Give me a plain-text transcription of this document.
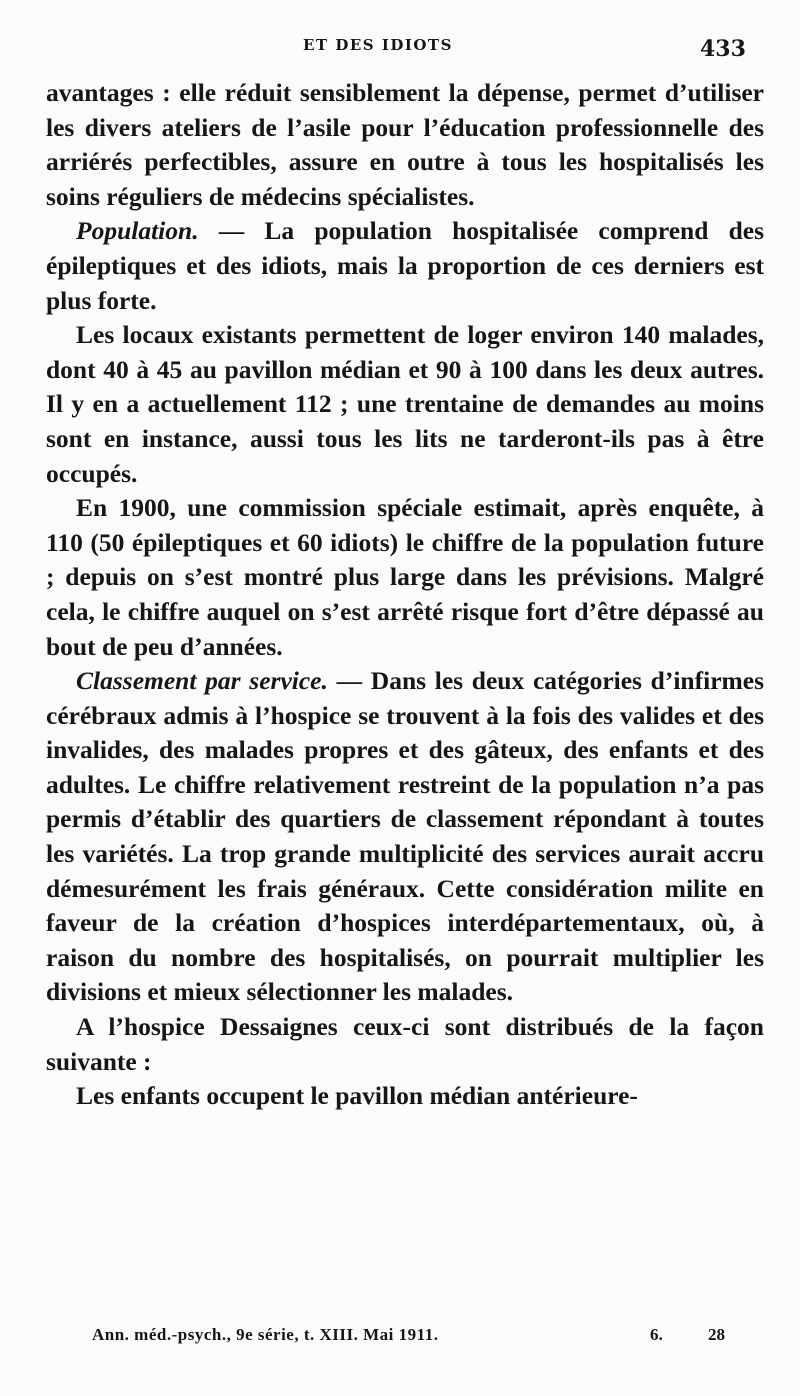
ET DES IDIOTS	433

avantages : elle réduit sensiblement la dépense, permet d’utiliser les divers ateliers de l’asile pour l’éducation professionnelle des arriérés perfectibles, assure en outre à tous les hospitalisés les soins réguliers de médecins spécialistes.

Population. — La population hospitalisée comprend des épileptiques et des idiots, mais la proportion de ces derniers est plus forte.

Les locaux existants permettent de loger environ 140 malades, dont 40 à 45 au pavillon médian et 90 à 100 dans les deux autres. Il y en a actuellement 112 ; une trentaine de demandes au moins sont en instance, aussi tous les lits ne tarderont-ils pas à être occupés.

En 1900, une commission spéciale estimait, après enquête, à 110 (50 épileptiques et 60 idiots) le chiffre de la population future ; depuis on s’est montré plus large dans les prévisions. Malgré cela, le chiffre auquel on s’est arrêté risque fort d’être dépassé au bout de peu d’années.

Classement par service. — Dans les deux catégories d’infirmes cérébraux admis à l’hospice se trouvent à la fois des valides et des invalides, des malades propres et des gâteux, des enfants et des adultes. Le chiffre relativement restreint de la population n’a pas permis d’établir des quartiers de classement répondant à toutes les variétés. La trop grande multiplicité des services aurait accru démesurément les frais généraux. Cette considération milite en faveur de la création d’hospices interdépartementaux, où, à raison du nombre des hospitalisés, on pourrait multiplier les divisions et mieux sélectionner les malades.

A l’hospice Dessaignes ceux-ci sont distribués de la façon suivante :

Les enfants occupent le pavillon médian antérieure-

Ann. méd.-psych., 9e série, t. XIII. Mai 1911.	6.	28
